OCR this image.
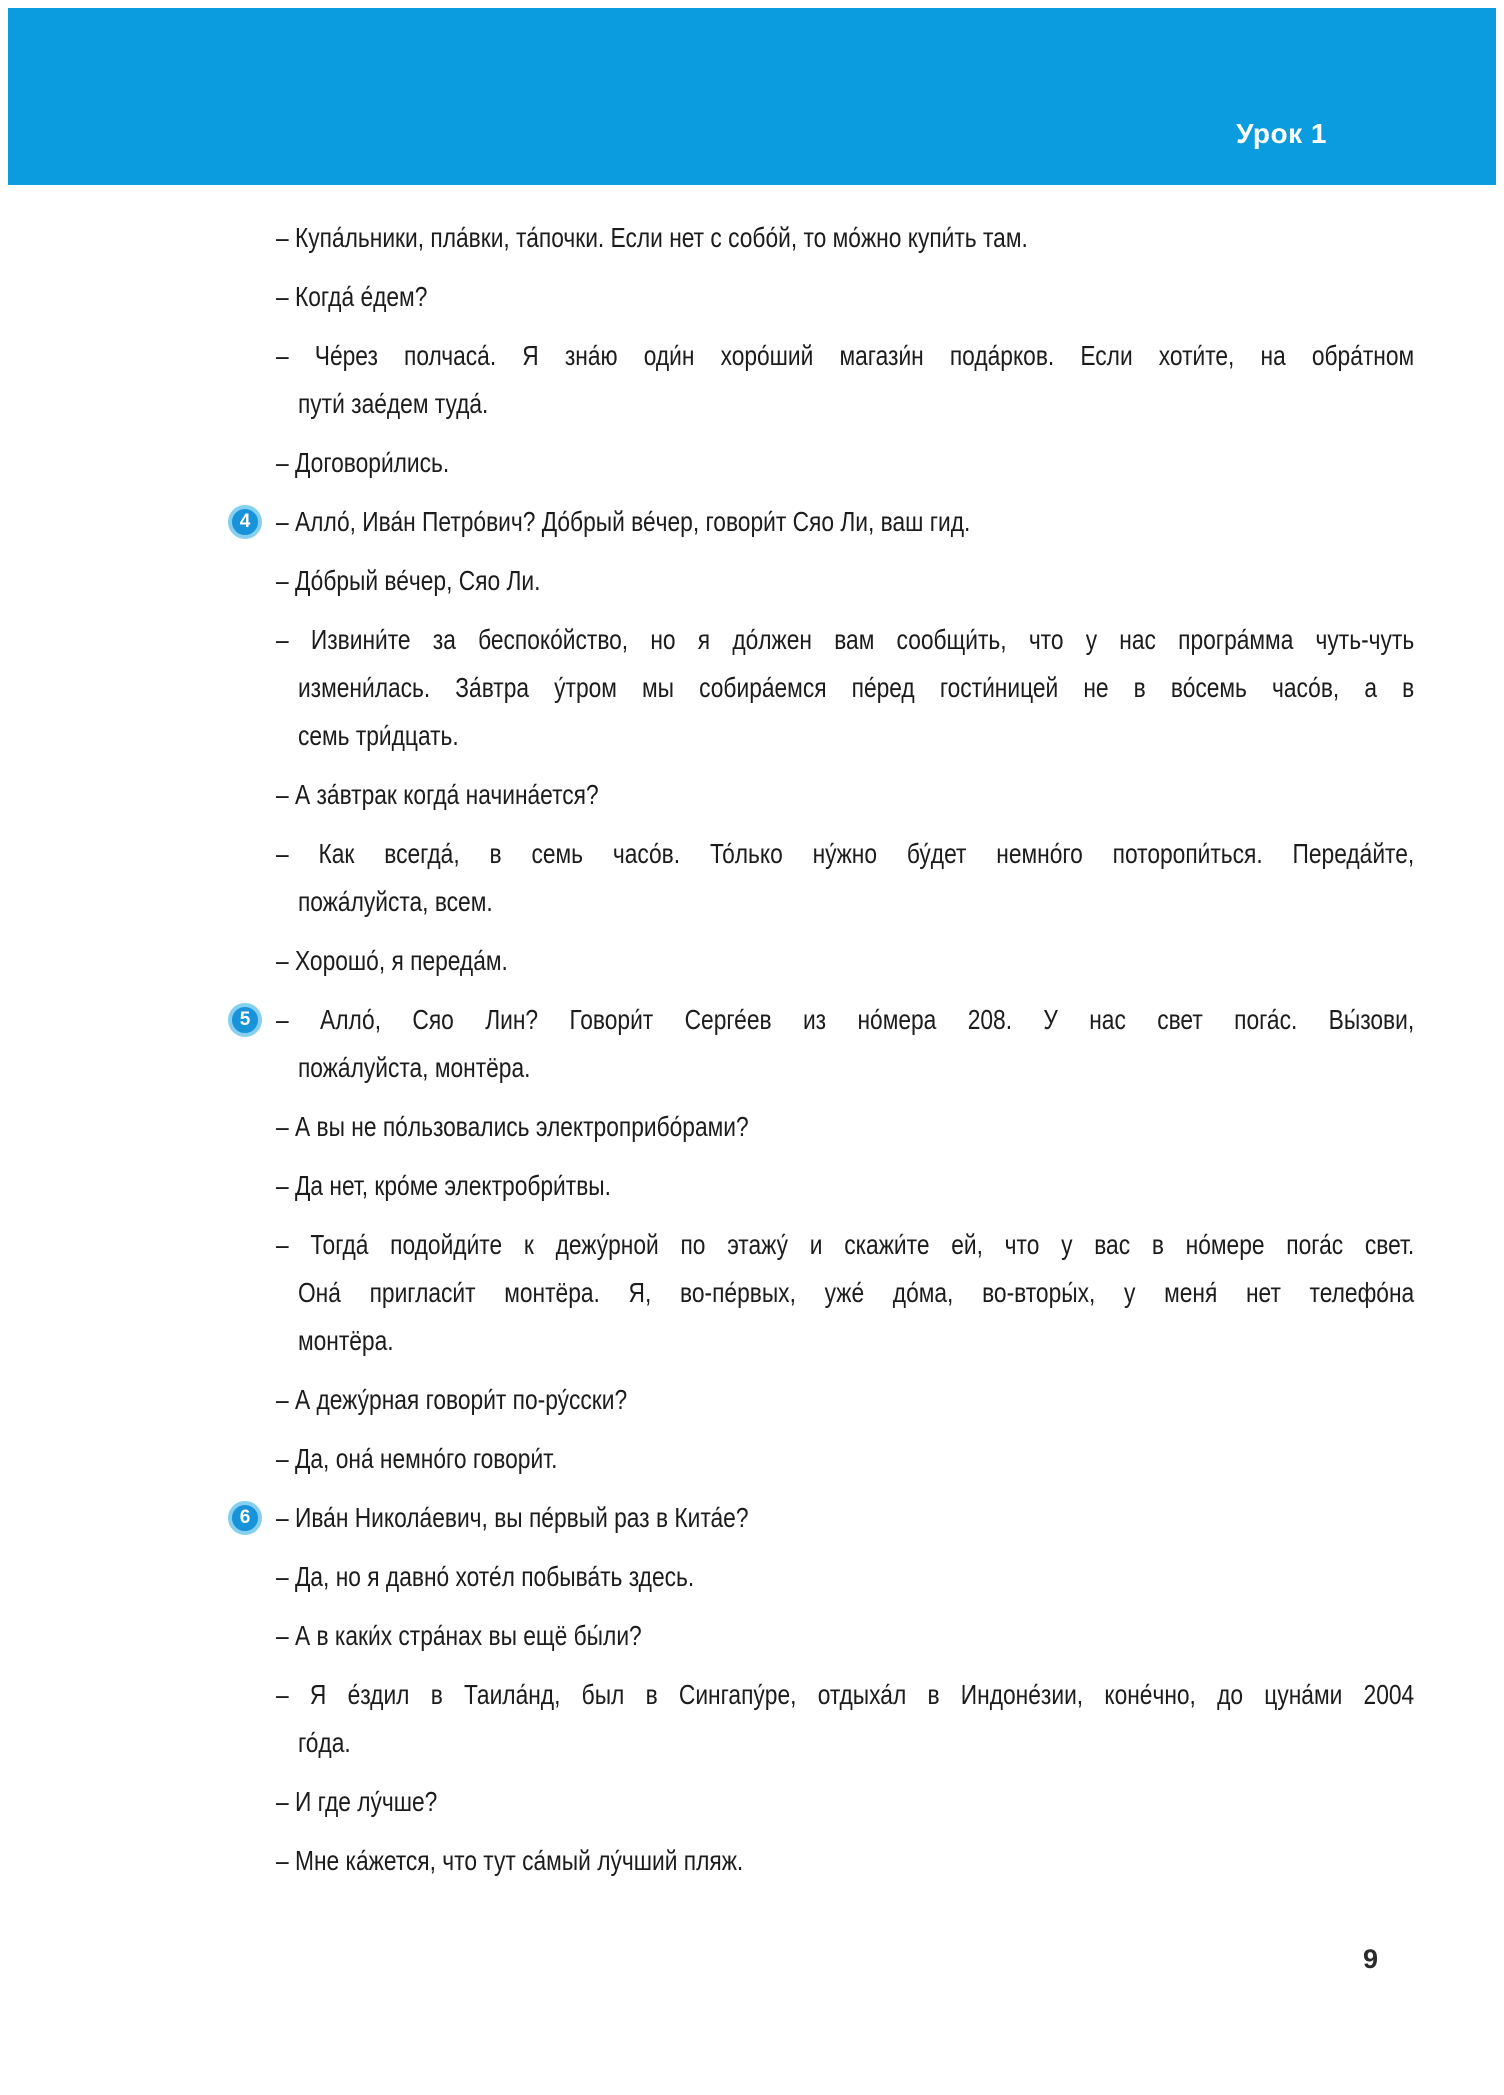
Урок 1
– Купа́льники, пла́вки, та́почки. Если нет с собо́й, то мо́жно купи́ть там.
– Когда́ е́дем?
– Че́рез полчаса́. Я зна́ю оди́н хоро́ший магази́н пода́рков. Если хоти́те, на обра́тном
пути́ зае́дем туда́.
– Договори́лись.
4 – Алло́, Ива́н Петро́вич? До́брый ве́чер, говори́т Сяо Ли, ваш гид.
– До́брый ве́чер, Сяо Ли.
– Извини́те за беспоко́йство, но я до́лжен вам сообщи́ть, что у нас програ́мма чуть-чуть
измени́лась. За́втра у́тром мы собира́емся пе́ред гости́ницей не в во́семь часо́в, а в
семь три́дцать.
– А за́втрак когда́ начина́ется?
– Как всегда́, в семь часо́в. То́лько ну́жно бу́дет немно́го поторопи́ться. Переда́йте,
пожа́луйста, всем.
– Хорошо́, я переда́м.
5 – Алло́, Сяо Лин? Говори́т Серге́ев из но́мера 208. У нас свет пога́с. Вы́зови,
пожа́луйста, монтёра.
– А вы не по́льзовались электроприбо́рами?
– Да нет, кро́ме электробри́твы.
– Тогда́ подойди́те к дежу́рной по этажу́ и скажи́те ей, что у вас в но́мере пога́с свет.
Она́ пригласи́т монтёра. Я, во-пе́рвых, уже́ до́ма, во-вторы́х, у меня́ нет телефо́на
монтёра.
– А дежу́рная говори́т по-ру́сски?
– Да, она́ немно́го говори́т.
6 – Ива́н Никола́евич, вы пе́рвый раз в Кита́е?
– Да, но я давно́ хоте́л побыва́ть здесь.
– А в каки́х стра́нах вы ещё бы́ли?
– Я е́здил в Таила́нд, был в Сингапу́ре, отдыха́л в Индоне́зии, коне́чно, до цуна́ми 2004
го́да.
– И где лу́чше?
– Мне ка́жется, что тут са́мый лу́чший пляж.
9
